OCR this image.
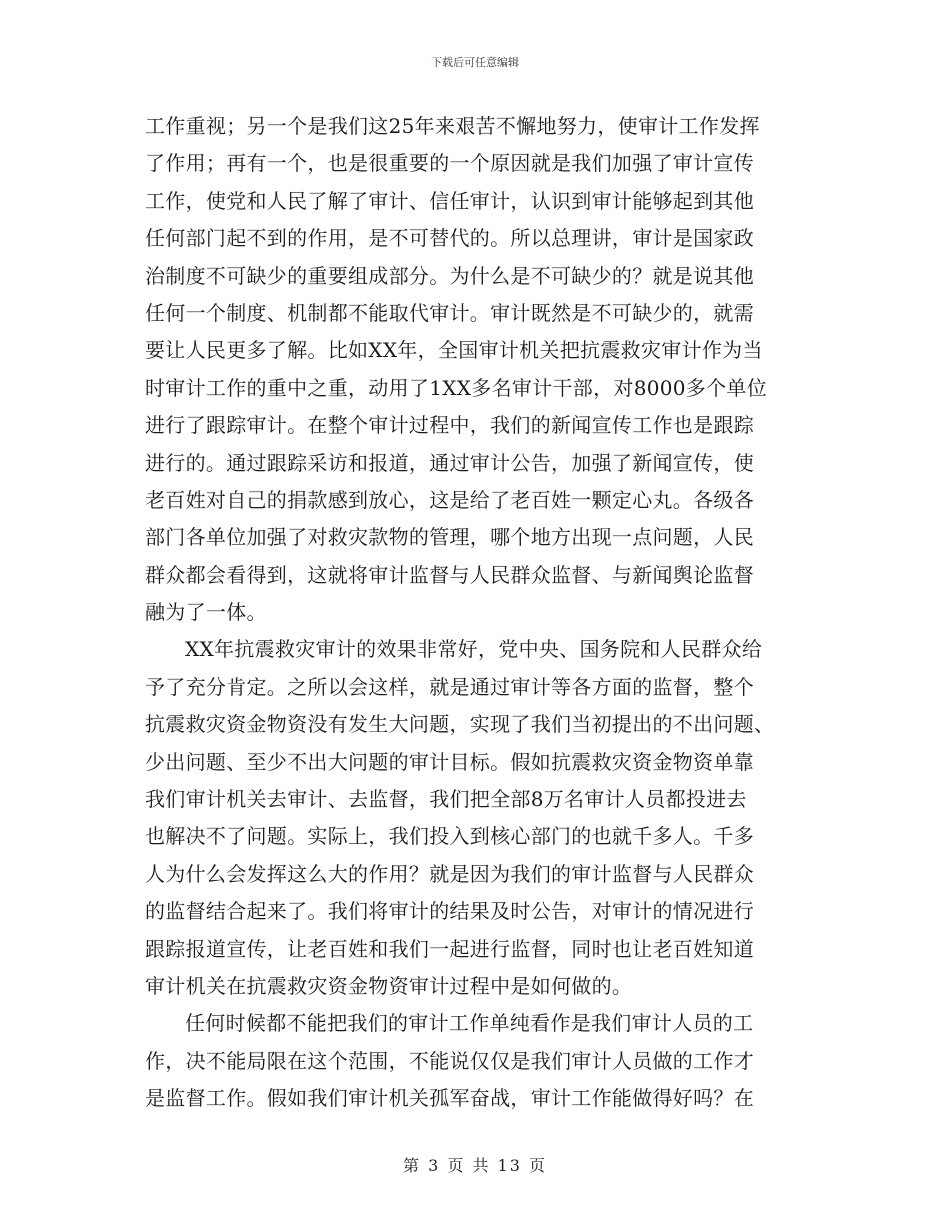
下载后可任意编辑
工作重视；另一个是我们这25年来艰苦不懈地努力，使审计工作发挥
了作用；再有一个，也是很重要的一个原因就是我们加强了审计宣传
工作，使党和人民了解了审计、信任审计，认识到审计能够起到其他
任何部门起不到的作用，是不可替代的。所以总理讲，审计是国家政
治制度不可缺少的重要组成部分。为什么是不可缺少的？就是说其他
任何一个制度、机制都不能取代审计。审计既然是不可缺少的，就需
要让人民更多了解。比如XX年，全国审计机关把抗震救灾审计作为当
时审计工作的重中之重，动用了1XX多名审计干部，对8000多个单位
进行了跟踪审计。在整个审计过程中，我们的新闻宣传工作也是跟踪
进行的。通过跟踪采访和报道，通过审计公告，加强了新闻宣传，使
老百姓对自己的捐款感到放心，这是给了老百姓一颗定心丸。各级各
部门各单位加强了对救灾款物的管理，哪个地方出现一点问题，人民
群众都会看得到，这就将审计监督与人民群众监督、与新闻舆论监督
融为了一体。
XX年抗震救灾审计的效果非常好，党中央、国务院和人民群众给
予了充分肯定。之所以会这样，就是通过审计等各方面的监督，整个
抗震救灾资金物资没有发生大问题，实现了我们当初提出的不出问题、
少出问题、至少不出大问题的审计目标。假如抗震救灾资金物资单靠
我们审计机关去审计、去监督，我们把全部8万名审计人员都投进去
也解决不了问题。实际上，我们投入到核心部门的也就千多人。千多
人为什么会发挥这么大的作用？就是因为我们的审计监督与人民群众
的监督结合起来了。我们将审计的结果及时公告，对审计的情况进行
跟踪报道宣传，让老百姓和我们一起进行监督，同时也让老百姓知道
审计机关在抗震救灾资金物资审计过程中是如何做的。
任何时候都不能把我们的审计工作单纯看作是我们审计人员的工
作，决不能局限在这个范围，不能说仅仅是我们审计人员做的工作才
是监督工作。假如我们审计机关孤军奋战，审计工作能做得好吗？在
第 3 页 共 13 页
